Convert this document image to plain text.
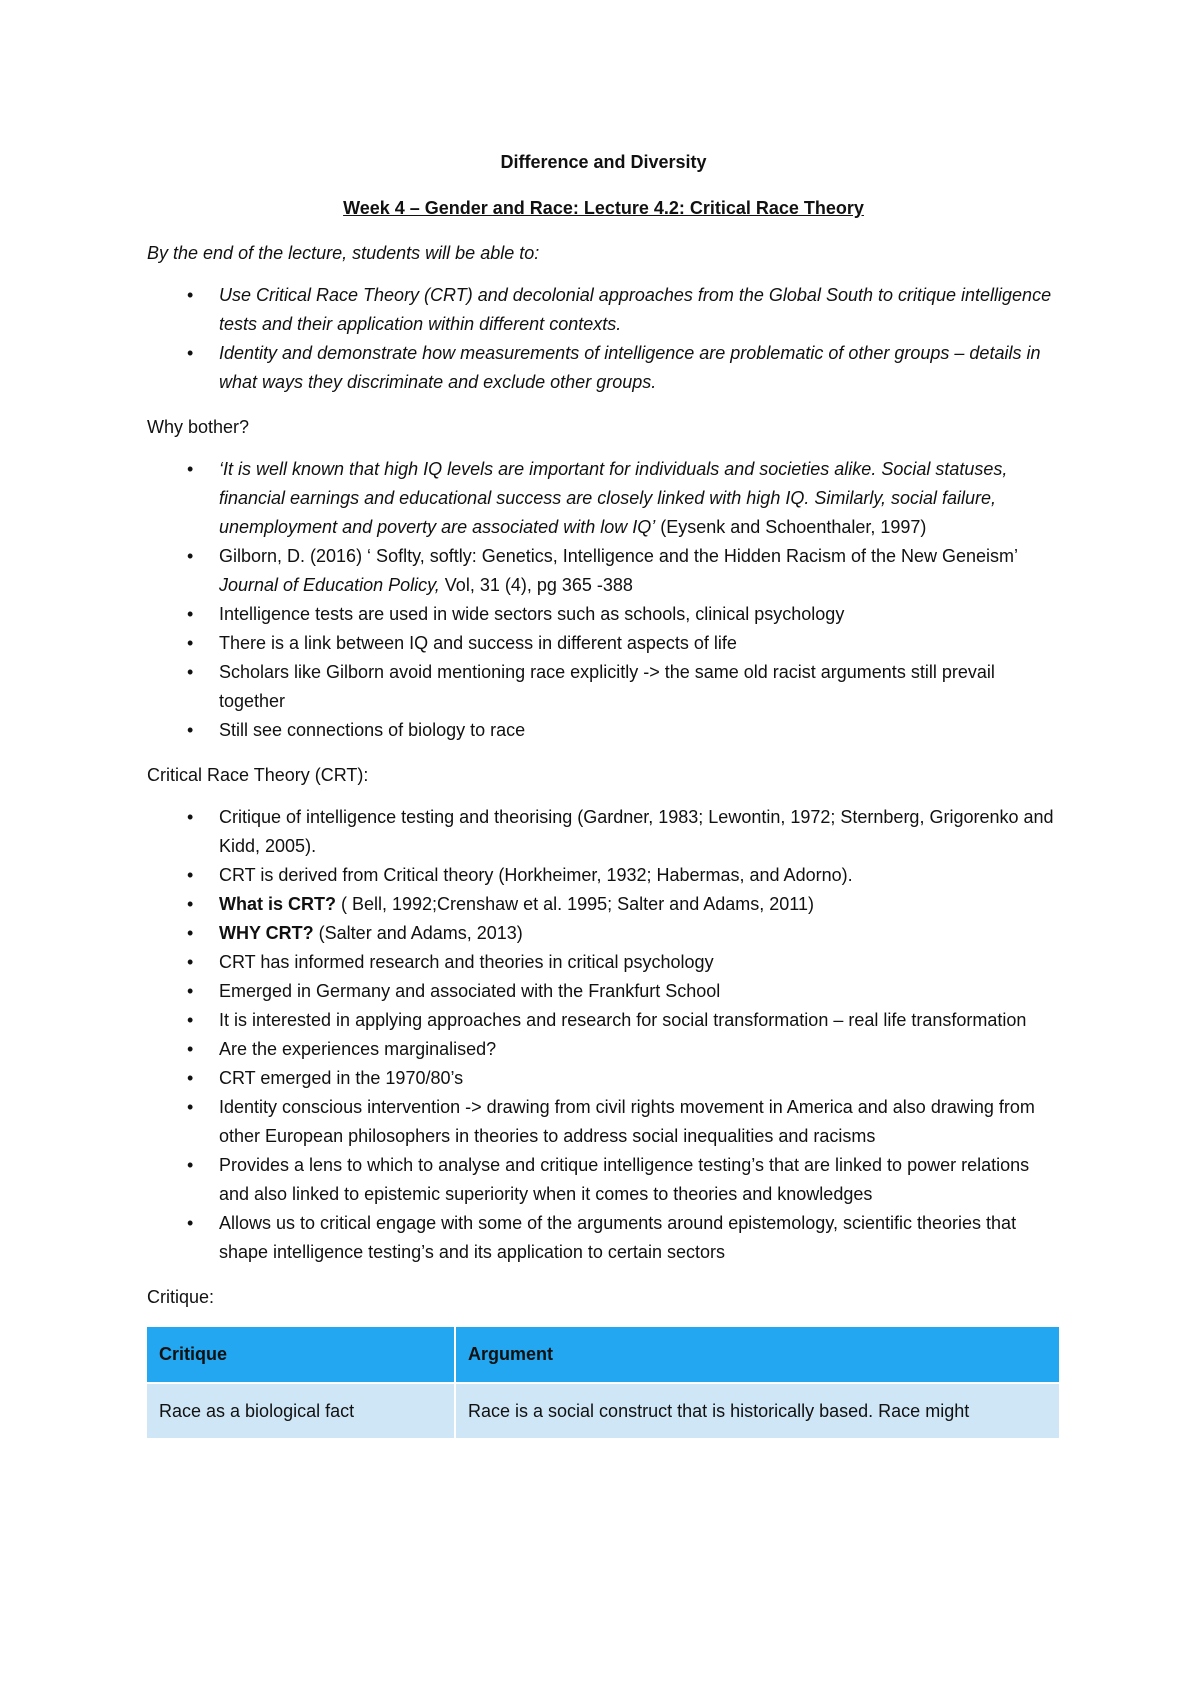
Difference and Diversity
Week 4 – Gender and Race: Lecture 4.2: Critical Race Theory
By the end of the lecture, students will be able to:
• Use Critical Race Theory (CRT) and decolonial approaches from the Global South to critique intelligence tests and their application within different contexts.
• Identity and demonstrate how measurements of intelligence are problematic of other groups – details in what ways they discriminate and exclude other groups.
Why bother?
• ‘It is well known that high IQ levels are important for individuals and societies alike. Social statuses, financial earnings and educational success are closely linked with high IQ. Similarly, social failure, unemployment and poverty are associated with low IQ’ (Eysenk and Schoenthaler, 1997)
• Gilborn, D. (2016) ‘ Soflty, softly: Genetics, Intelligence and the Hidden Racism of the New Geneism’ Journal of Education Policy, Vol, 31 (4), pg 365 -388
• Intelligence tests are used in wide sectors such as schools, clinical psychology
• There is a link between IQ and success in different aspects of life
• Scholars like Gilborn avoid mentioning race explicitly -> the same old racist arguments still prevail together
• Still see connections of biology to race
Critical Race Theory (CRT):
• Critique of intelligence testing and theorising (Gardner, 1983; Lewontin, 1972; Sternberg, Grigorenko and Kidd, 2005).
• CRT is derived from Critical theory (Horkheimer, 1932; Habermas, and Adorno).
• What is CRT? ( Bell, 1992;Crenshaw et al. 1995; Salter and Adams, 2011)
• WHY CRT? (Salter and Adams, 2013)
• CRT has informed research and theories in critical psychology
• Emerged in Germany and associated with the Frankfurt School
• It is interested in applying approaches and research for social transformation – real life transformation
• Are the experiences marginalised?
• CRT emerged in the 1970/80’s
• Identity conscious intervention -> drawing from civil rights movement in America and also drawing from other European philosophers in theories to address social inequalities and racisms
• Provides a lens to which to analyse and critique intelligence testing’s that are linked to power relations and also linked to epistemic superiority when it comes to theories and knowledges
• Allows us to critical engage with some of the arguments around epistemology, scientific theories that shape intelligence testing’s and its application to certain sectors
Critique:
Critique	Argument
Race as a biological fact	Race is a social construct that is historically based. Race might
